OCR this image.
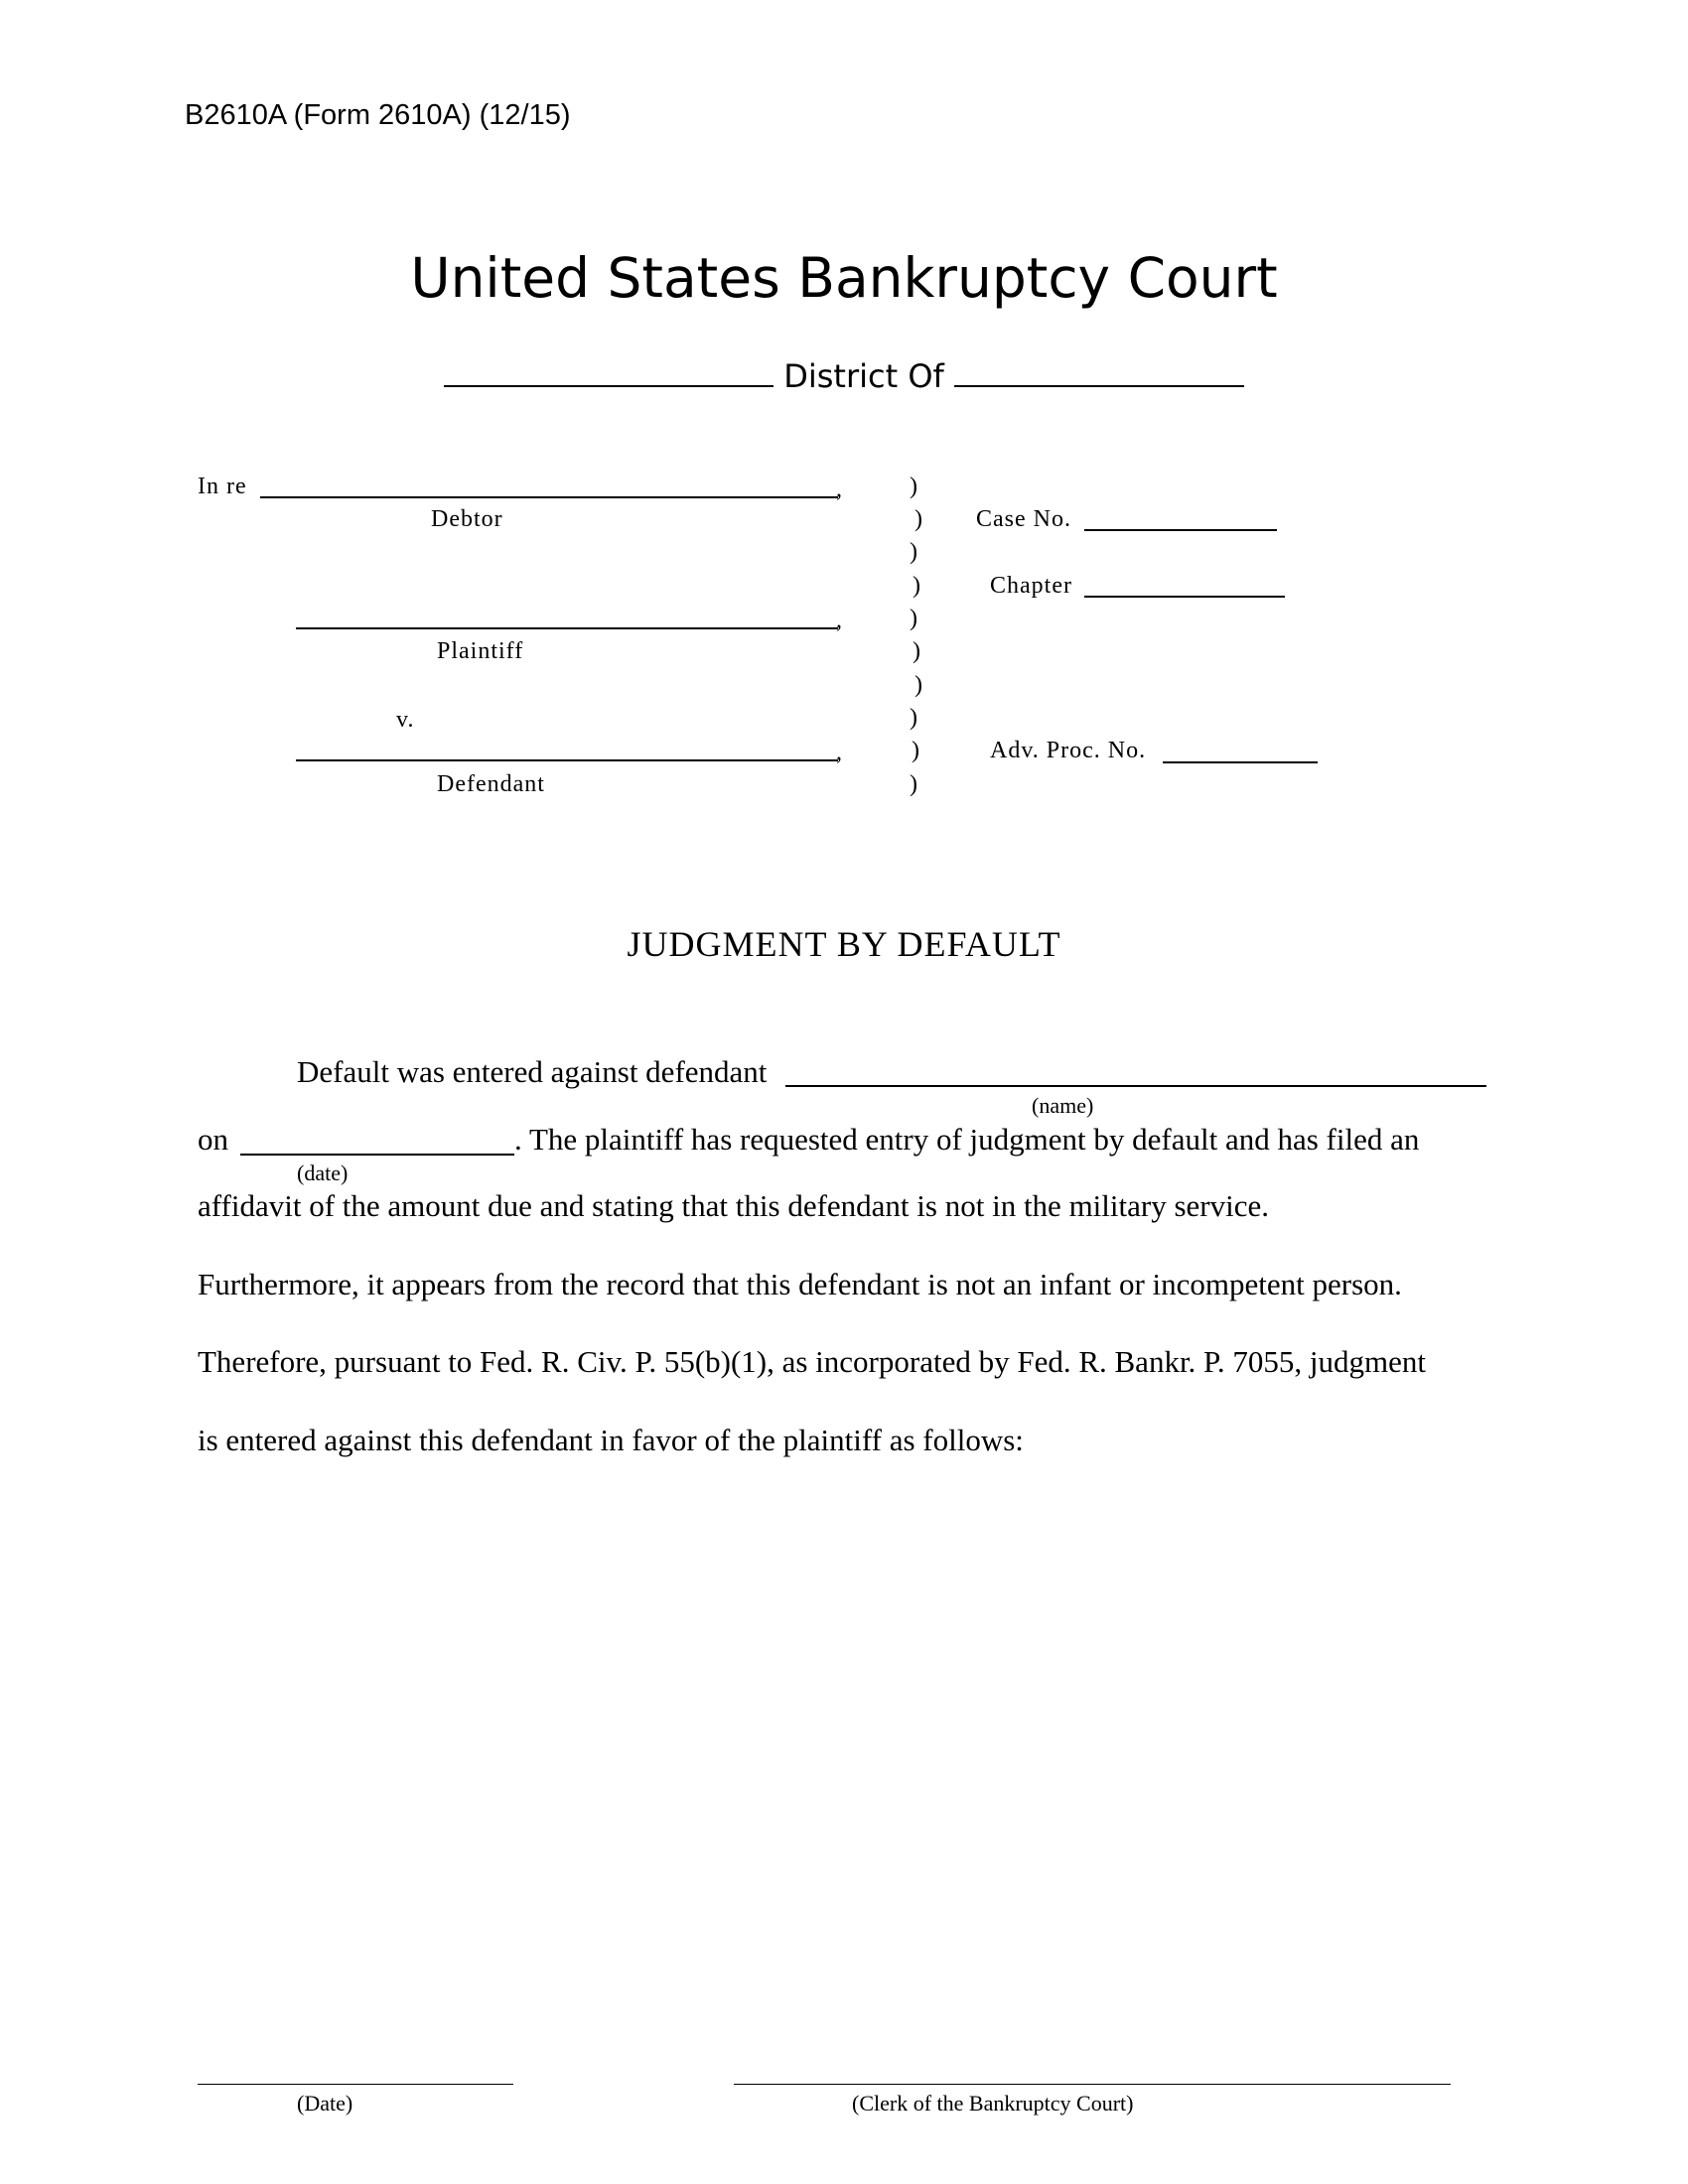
B2610A (Form 2610A) (12/15)
United States Bankruptcy Court
District Of
In re	,
Debtor
,
Plaintiff
v.
,
Defendant
)
)
)
)
)
)
)
)
)
)
Case No.
Chapter
Adv. Proc. No.
JUDGMENT BY DEFAULT
Default was entered against defendant
(name)
on	. The plaintiff has requested entry of judgment by default and has filed an
(date)
affidavit of the amount due and stating that this defendant is not in the military service.
Furthermore, it appears from the record that this defendant is not an infant or incompetent person.
Therefore, pursuant to Fed. R. Civ. P. 55(b)(1), as incorporated by Fed. R. Bankr. P. 7055, judgment
is entered against this defendant in favor of the plaintiff as follows:
(Date)	(Clerk of the Bankruptcy Court)
